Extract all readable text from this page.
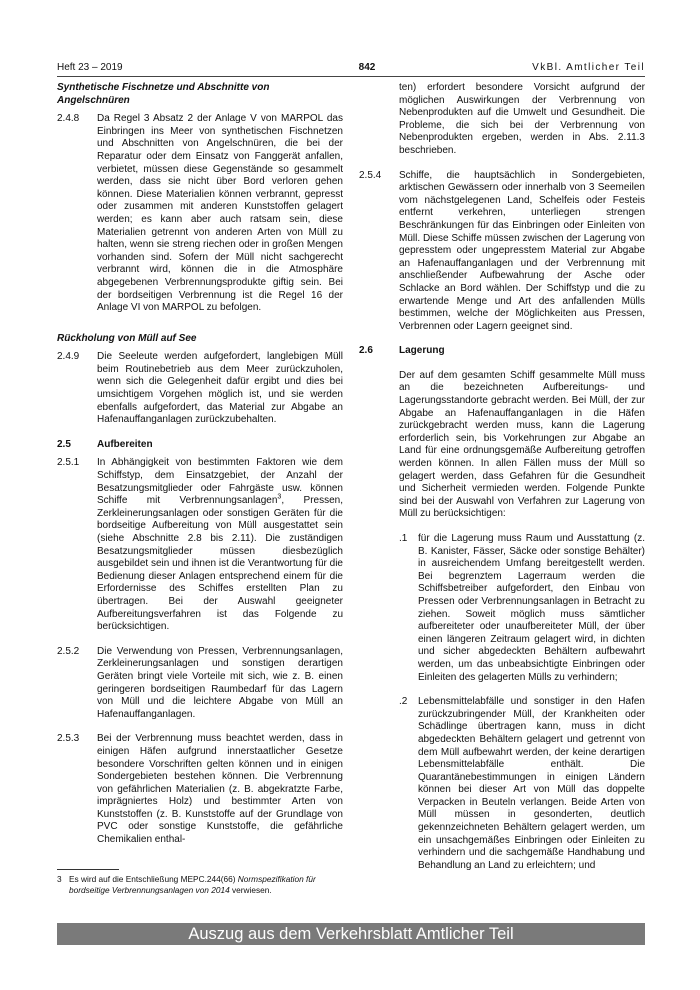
Heft 23 – 2019	842	VkBl. Amtlicher Teil

Synthetische Fischnetze und Abschnitte von Angelschnüren

2.4.8	Da Regel 3 Absatz 2 der Anlage V von MARPOL das Einbringen ins Meer von synthetischen Fischnetzen und Abschnitten von Angelschnüren, die bei der Reparatur oder dem Einsatz von Fanggerät anfallen, verbietet, müssen diese Gegenstände so gesammelt werden, dass sie nicht über Bord verloren gehen können. Diese Materialien können verbrannt, gepresst oder zusammen mit anderen Kunststoffen gelagert werden; es kann aber auch ratsam sein, diese Materialien getrennt von anderen Arten von Müll zu halten, wenn sie streng riechen oder in großen Mengen vorhanden sind. Sofern der Müll nicht sachgerecht verbrannt wird, können die in die Atmosphäre abgegebenen Verbrennungsprodukte giftig sein. Bei der bordseitigen Verbrennung ist die Regel 16 der Anlage VI von MARPOL zu befolgen.

Rückholung von Müll auf See

2.4.9	Die Seeleute werden aufgefordert, langlebigen Müll beim Routinebetrieb aus dem Meer zurückzuholen, wenn sich die Gelegenheit dafür ergibt und dies bei umsichtigem Vorgehen möglich ist, und sie werden ebenfalls aufgefordert, das Material zur Abgabe an Hafenauffanganlagen zurückzubehalten.
2.5	Aufbereiten
2.5.1	In Abhängigkeit von bestimmten Faktoren wie dem Schiffstyp, dem Einsatzgebiet, der Anzahl der Besatzungsmitglieder oder Fahrgäste usw. können Schiffe mit Verbrennungsanlagen$^3$, Pressen, Zerkleinerungsanlagen oder sonstigen Geräten für die bordseitige Aufbereitung von Müll ausgestattet sein (siehe Abschnitte 2.8 bis 2.11). Die zuständigen Besatzungsmitglieder müssen diesbezüglich ausgebildet sein und ihnen ist die Verantwortung für die Bedienung dieser Anlagen entsprechend einem für die Erfordernisse des Schiffes erstellten Plan zu übertragen. Bei der Auswahl geeigneter Aufbereitungsverfahren ist das Folgende zu berücksichtigen.
2.5.2	Die Verwendung von Pressen, Verbrennungsanlagen, Zerkleinerungsanlagen und sonstigen derartigen Geräten bringt viele Vorteile mit sich, wie z. B. einen geringeren bordseitigen Raumbedarf für das Lagern von Müll und die leichtere Abgabe von Müll an Hafenauffanganlagen.
2.5.3	Bei der Verbrennung muss beachtet werden, dass in einigen Häfen aufgrund innerstaatlicher Gesetze besondere Vorschriften gelten können und in einigen Sondergebieten bestehen können. Die Verbrennung von gefährlichen Materialien (z. B. abgekratzte Farbe, imprägniertes Holz) und bestimmter Arten von Kunststoffen (z. B. Kunststoffe auf der Grundlage von PVC oder sonstige Kunststoffe, die gefährliche Chemikalien enthal-

ten) erfordert besondere Vorsicht aufgrund der möglichen Auswirkungen der Verbrennung von Nebenprodukten auf die Umwelt und Gesundheit. Die Probleme, die sich bei der Verbrennung von Nebenprodukten ergeben, werden in Abs. 2.11.3 beschrieben.

2.5.4	Schiffe, die hauptsächlich in Sondergebieten, arktischen Gewässern oder innerhalb von 3 Seemeilen vom nächstgelegenen Land, Schelfeis oder Festeis entfernt verkehren, unterliegen strengen Beschränkungen für das Einbringen oder Einleiten von Müll. Diese Schiffe müssen zwischen der Lagerung von gepresstem oder ungepresstem Material zur Abgabe an Hafenauffanganlagen und der Verbrennung mit anschließender Aufbewahrung der Asche oder Schlacke an Bord wählen. Der Schiffstyp und die zu erwartende Menge und Art des anfallenden Mülls bestimmen, welche der Möglichkeiten aus Pressen, Verbrennen oder Lagern geeignet sind.
2.6	Lagerung

Der auf dem gesamten Schiff gesammelte Müll muss an die bezeichneten Aufbereitungs- und Lagerungsstandorte gebracht werden. Bei Müll, der zur Abgabe an Hafenauffanganlagen in die Häfen zurückgebracht werden muss, kann die Lagerung erforderlich sein, bis Vorkehrungen zur Abgabe an Land für eine ordnungsgemäße Aufbereitung getroffen werden können. In allen Fällen muss der Müll so gelagert werden, dass Gefahren für die Gesundheit und Sicherheit vermieden werden. Folgende Punkte sind bei der Auswahl von Verfahren zur Lagerung von Müll zu berücksichtigen:

.1	für die Lagerung muss Raum und Ausstattung (z. B. Kanister, Fässer, Säcke oder sonstige Behälter) in ausreichendem Umfang bereitgestellt werden. Bei begrenztem Lagerraum werden die Schiffsbetreiber aufgefordert, den Einbau von Pressen oder Verbrennungsanlagen in Betracht zu ziehen. Soweit möglich muss sämtlicher aufbereiteter oder unaufbereiteter Müll, der über einen längeren Zeitraum gelagert wird, in dichten und sicher abgedeckten Behältern aufbewahrt werden, um das unbeabsichtigte Einbringen oder Einleiten des gelagerten Mülls zu verhindern;
.2	Lebensmittelabfälle und sonstiger in den Hafen zurückzubringender Müll, der Krankheiten oder Schädlinge übertragen kann, muss in dicht abgedeckten Behältern gelagert und getrennt von dem Müll aufbewahrt werden, der keine derartigen Lebensmittelabfälle enthält. Die Quarantänebestimmungen in einigen Ländern können bei dieser Art von Müll das doppelte Verpacken in Beuteln verlangen. Beide Arten von Müll müssen in gesonderten, deutlich gekennzeichneten Behältern gelagert werden, um ein unsachgemäßes Einbringen oder Einleiten zu verhindern und die sachgemäße Handhabung und Behandlung an Land zu erleichtern; und
3 Es wird auf die Entschließung MEPC.244(66) Normspezifikation für bordseitige Verbrennungsanlagen von 2014 verwiesen.
Auszug aus dem Verkehrsblatt Amtlicher Teil
